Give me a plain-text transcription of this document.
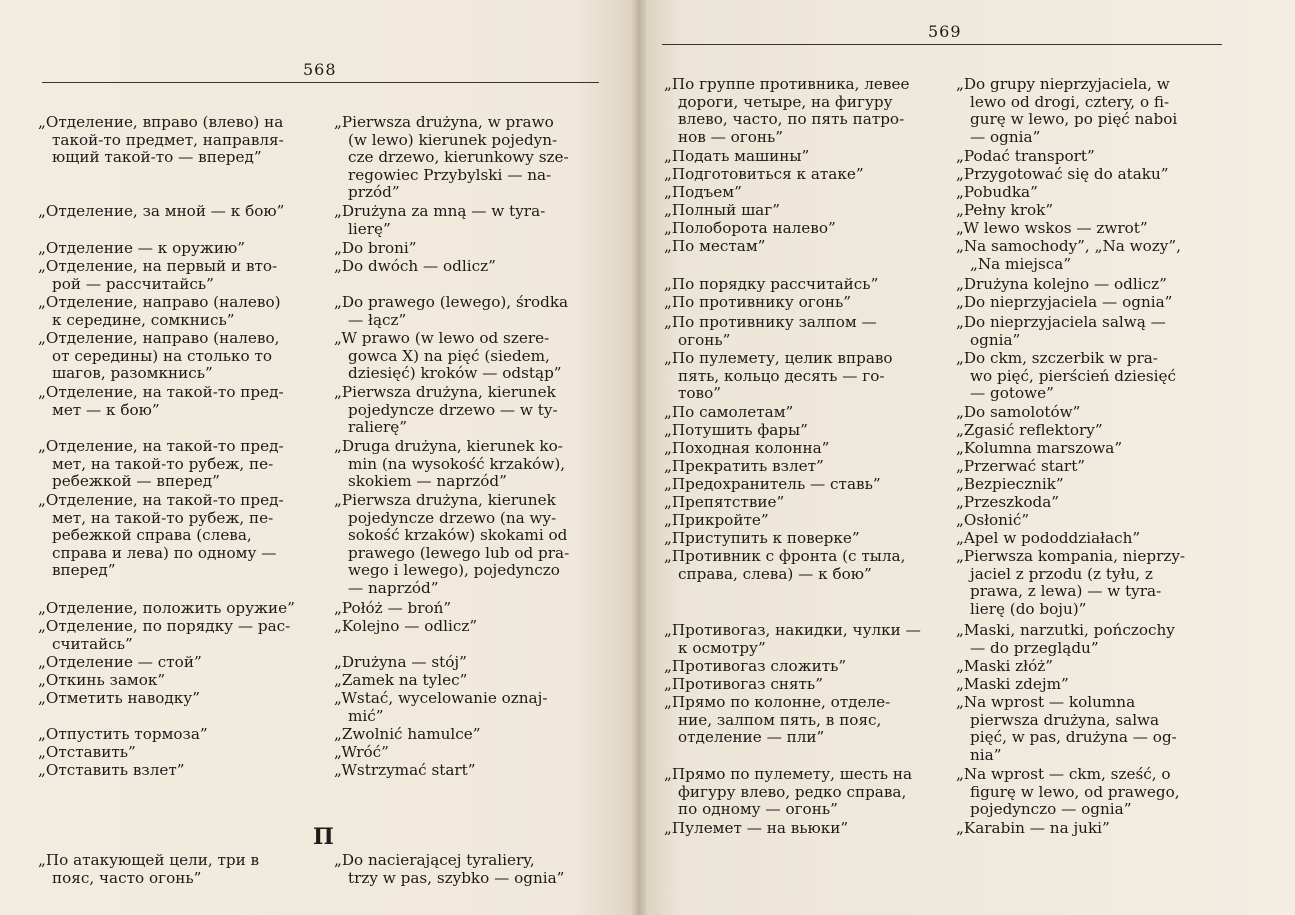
568
569
П

„Отделение, вправо (влево) на
такой-то предмет, направля-
ющий такой-то — вперед”

„Отделение, за мной — к бою”

„Отделение — к оружию”

„Отделение, на первый и вто-
рой — рассчитайсь”

„Отделение, направо (налево)
к середине, сомкнись”

„Отделение, направо (налево,
от середины) на столько то
шагов, разомкнись”

„Отделение, на такой-то пред-
мет — к бою”

„Отделение, на такой-то пред-
мет, на такой-то рубеж, пе-
ребежкой — вперед”

„Отделение, на такой-то пред-
мет, на такой-то рубеж, пе-
ребежкой справа (слева,
справа и лева) по одному —
вперед”

„Отделение, положить оружие”

„Отделение, по порядку — рас-
считайсь”

„Отделение — стой”

„Откинь замок”

„Отметить наводку”

„Отпустить тормоза”

„Отставить”

„Отставить взлет”

„По атакующей цели, три в
пояс, часто огонь”

„Pierwsza drużyna, w prawo
(w lewo) kierunek pojedyn-
cze drzewo, kierunkowy sze-
regowiec Przybylski — na-
przód”

„Drużyna za mną — w tyra-
lierę”

„Do broni”

„Do dwóch — odlicz”

„Do prawego (lewego), środka
— łącz”

„W prawo (w lewo od szere-
gowca X) na pięć (siedem,
dziesięć) kroków — odstąp”

„Pierwsza drużyna, kierunek
pojedyncze drzewo — w ty-
ralierę”

„Druga drużyna, kierunek ko-
min (na wysokość krzaków),
skokiem — naprzód”

„Pierwsza drużyna, kierunek
pojedyncze drzewo (na wy-
sokość krzaków) skokami od
prawego (lewego lub od pra-
wego i lewego), pojedynczo
— naprzód”

„Połóż — broń”

„Kolejno — odlicz”

„Drużyna — stój”

„Zamek na tylec”

„Wstać, wycelowanie oznaj-
mić”

„Zwolnić hamulce”

„Wróć”

„Wstrzymać start”

„Do nacierającej tyraliery,
trzy w pas, szybko — ognia”

„По группе противника, левее
дороги, четыре, на фигуру
влево, часто, по пять патро-
нов — огонь”

„Подать машины”

„Подготовиться к атаке”

„Подъем”

„Полный шаг”

„Полоборота налево”

„По местам”

„По порядку рассчитайсь”

„По противнику огонь”

„По противнику залпом —
огонь”

„По пулемету, целик вправо
пять, кольцо десять — го-
тово”

„По самолетам”

„Потушить фары”

„Походная колонна”

„Прекратить взлет”

„Предохранитель — ставь”

„Препятствие”

„Прикройте”

„Приступить к поверке”

„Противник с фронта (с тыла,
справа, слева) — к бою”

„Противогаз, накидки, чулки —
к осмотру”

„Противогаз сложить”

„Противогаз снять”

„Прямо по колонне, отделе-
ние, залпом пять, в пояс,
отделение — пли”

„Прямо по пулемету, шесть на
фигуру влево, редко справа,
по одному — огонь”

„Пулемет — на вьюки”

„Do grupy nieprzyjaciela, w
lewo od drogi, cztery, o fi-
gurę w lewo, po pięć naboi
— ognia”

„Podać transport”

„Przygotować się do ataku”

„Pobudka”

„Pełny krok”

„W lewo wskos — zwrot”

„Na samochody”, „Na wozy”,
„Na miejsca”

„Drużyna kolejno — odlicz”

„Do nieprzyjaciela — ognia”

„Do nieprzyjaciela salwą —
ognia”

„Do ckm, szczerbik w pra-
wo pięć, pierścień dziesięć
— gotowe”

„Do samolotów”

„Zgasić reflektory”

„Kolumna marszowa”

„Przerwać start”

„Bezpiecznik”

„Przeszkoda”

„Osłonić”

„Apel w pododdziałach”

„Pierwsza kompania, nieprzy-
jaciel z przodu (z tyłu, z
prawa, z lewa) — w tyra-
lierę (do boju)”

„Maski, narzutki, pończochy
— do przeglądu”

„Maski złóż”

„Maski zdejm”

„Na wprost — kolumna
pierwsza drużyna, salwa
pięć, w pas, drużyna — og-
nia”

„Na wprost — ckm, sześć, o
figurę w lewo, od prawego,
pojedynczo — ognia”

„Karabin — na juki”
